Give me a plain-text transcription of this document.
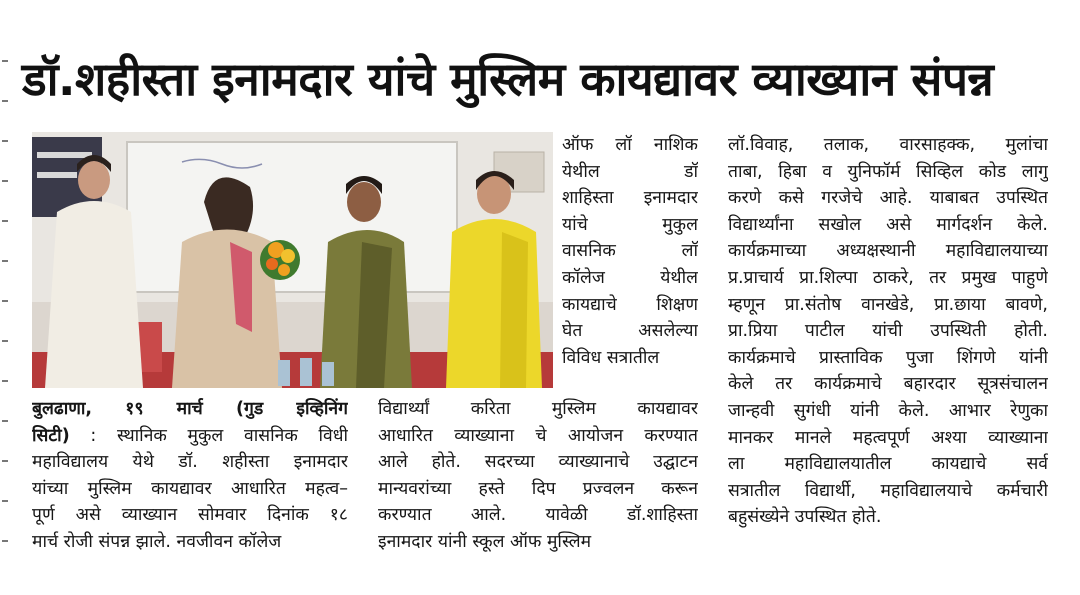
डॉ.शहीस्ता इनामदार यांचे मुस्लिम कायद्यावर व्याख्यान संपन्न
बुलढाणा, १९ मार्च (गुड इव्हिनिंग
सिटी) : स्थानिक मुकुल वासनिक विधी
महाविद्यालय येथे डॉ. शहीस्ता इनामदार
यांच्या मुस्लिम कायद्यावर आधारित महत्व–
पूर्ण असे व्याख्यान सोमवार दिनांक १८
मार्च रोजी संपन्न झाले. नवजीवन कॉलेज
ऑफ लॉ नाशिक
येथील डॉ
शाहिस्ता इनामदार
यांचे मुकुल
वासनिक लॉ
कॉलेज येथील
कायद्याचे शिक्षण
घेत असलेल्या
विविध सत्रातील
विद्यार्थ्यां करिता मुस्लिम कायद्यावर
आधारित व्याख्याना चे आयोजन करण्यात
आले होते. सदरच्या व्याख्यानाचे उद्घाटन
मान्यवरांच्या हस्ते दिप प्रज्वलन करून
करण्यात आले. यावेळी डॉ.शाहिस्ता
इनामदार यांनी स्कूल ऑफ मुस्लिम
लॉ.विवाह, तलाक, वारसाहक्क, मुलांचा
ताबा, हिबा व युनिफॉर्म सिव्हिल कोड लागु
करणे कसे गरजेचे आहे. याबाबत उपस्थित
विद्यार्थ्यांना सखोल असे मार्गदर्शन केले.
कार्यक्रमाच्या अध्यक्षस्थानी महाविद्यालयाच्या
प्र.प्राचार्य प्रा.शिल्पा ठाकरे, तर प्रमुख पाहुणे
म्हणून प्रा.संतोष वानखेडे, प्रा.छाया बावणे,
प्रा.प्रिया पाटील यांची उपस्थिती होती.
कार्यक्रमाचे प्रास्ताविक पुजा शिंगणे यांनी
केले तर कार्यक्रमाचे बहारदार सूत्रसंचालन
जान्हवी सुगंधी यांनी केले. आभार रेणुका
मानकर मानले महत्वपूर्ण अश्या व्याख्याना
ला महाविद्यालयातील कायद्याचे सर्व
सत्रातील विद्यार्थी, महाविद्यालयाचे कर्मचारी
बहुसंख्येने उपस्थित होते.
